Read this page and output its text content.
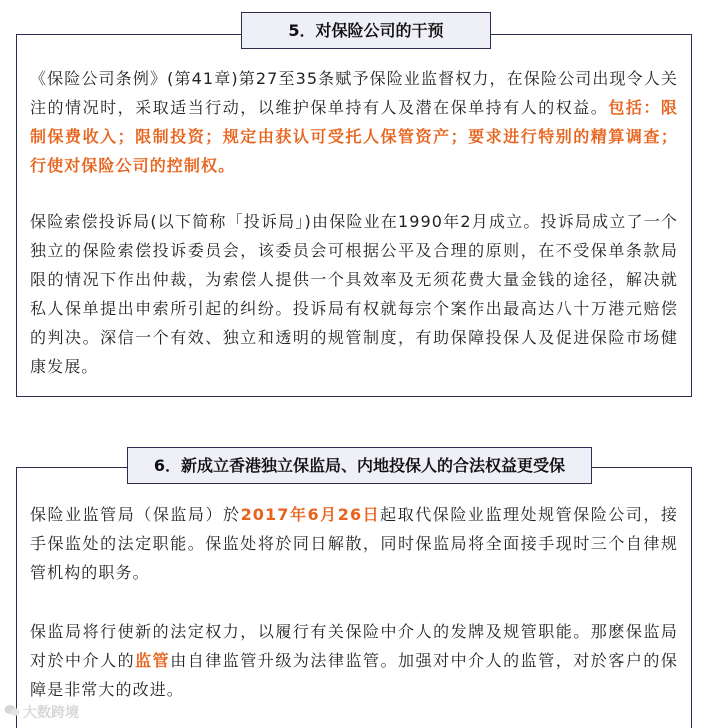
5．对保险公司的干预

《保险公司条例》(第41章)第27至35条赋予保险业监督权力，在保险公司出现令人关注的情况时，采取适当行动，以维护保单持有人及潜在保单持有人的权益。包括：限制保费收入；限制投资；规定由获认可受托人保管资产；要求进行特别的精算调查；行使对保险公司的控制权。

保险索偿投诉局(以下简称「投诉局」)由保险业在1990年2月成立。投诉局成立了一个独立的保险索偿投诉委员会，该委员会可根据公平及合理的原则，在不受保单条款局限的情况下作出仲裁，为索偿人提供一个具效率及无须花费大量金钱的途径，解决就私人保单提出申索所引起的纠纷。投诉局有权就每宗个案作出最高达八十万港元赔偿的判决。深信一个有效、独立和透明的规管制度，有助保障投保人及促进保险市场健康发展。

6．新成立香港独立保监局、内地投保人的合法权益更受保

保险业监管局（保监局）於2017年6月26日起取代保险业监理处规管保险公司，接手保监处的法定职能。保监处将於同日解散，同时保监局将全面接手现时三个自律规管机构的职务。

保监局将行使新的法定权力，以履行有关保险中介人的发牌及规管职能。那麽保监局对於中介人的监管由自律监管升级为法律监管。加强对中介人的监管，对於客户的保障是非常大的改进。

大数跨境
